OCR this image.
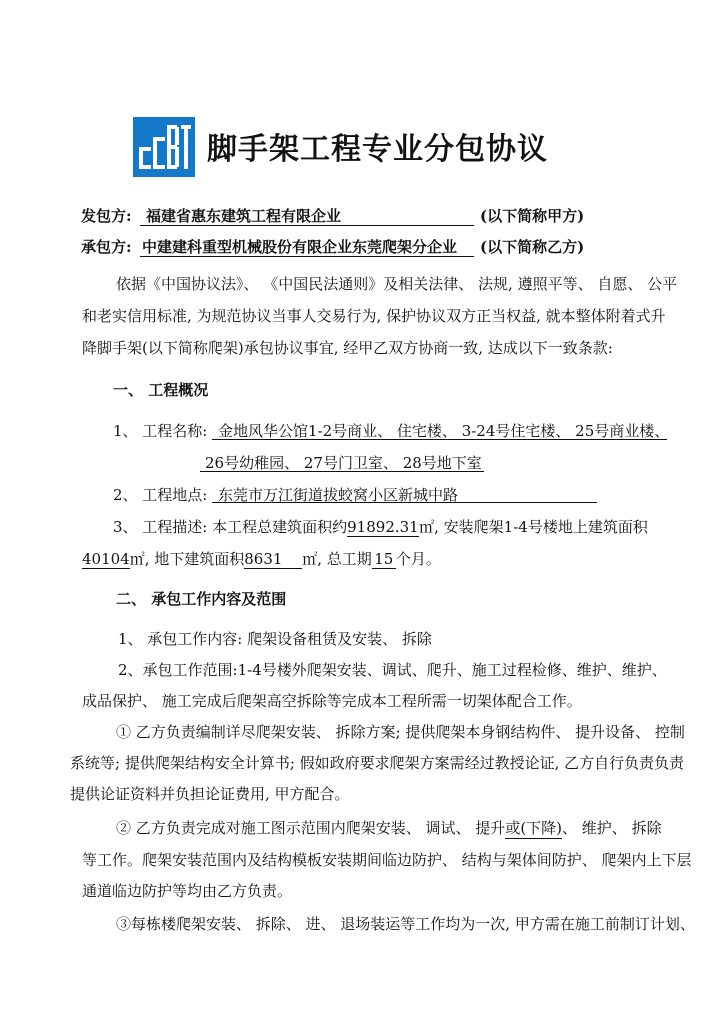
脚手架工程专业分包协议
发包方: 福建省惠东建筑工程有限企业	(以下简称甲方)
承包方: 中建建科重型机械股份有限企业东莞爬架分企业 (以下简称乙方)
依据《中国协议法》、 《中国民法通则》及相关法律、 法规, 遵照平等、 自愿、 公平
和老实信用标准, 为规范协议当事人交易行为, 保护协议双方正当权益, 就本整体附着式升
降脚手架(以下简称爬架)承包协议事宜, 经甲乙双方协商一致, 达成以下一致条款:
一、 工程概况
1、 工程名称: 金地风华公馆1-2号商业、 住宅楼、 3-24号住宅楼、 25号商业楼、
26号幼稚园、 27号门卫室、 28号地下室
2、 工程地点: 东莞市万江街道拔蛟窝小区新城中路
3、 工程描述: 本工程总建筑面积约91892.31㎡, 安装爬架1-4号楼地上建筑面积
40104㎡, 地下建筑面积8631 ㎡, 总工期 15 个月。
二、 承包工作内容及范围
1、 承包工作内容: 爬架设备租赁及安装、 拆除
2、承包工作范围:1-4号楼外爬架安装、调试、爬升、施工过程检修、维护、维护、
成品保护、 施工完成后爬架高空拆除等完成本工程所需一切架体配合工作。
① 乙方负责编制详尽爬架安装、 拆除方案; 提供爬架本身钢结构件、 提升设备、 控制
系统等; 提供爬架结构安全计算书; 假如政府要求爬架方案需经过教授论证, 乙方自行负责负责
提供论证资料并负担论证费用, 甲方配合。
② 乙方负责完成对施工图示范围内爬架安装、 调试、 提升或(下降)、 维护、 拆除
等工作。爬架安装范围内及结构模板安装期间临边防护、 结构与架体间防护、 爬架内上下层
通道临边防护等均由乙方负责。
③每栋楼爬架安装、 拆除、 进、 退场装运等工作均为一次, 甲方需在施工前制订计划、
